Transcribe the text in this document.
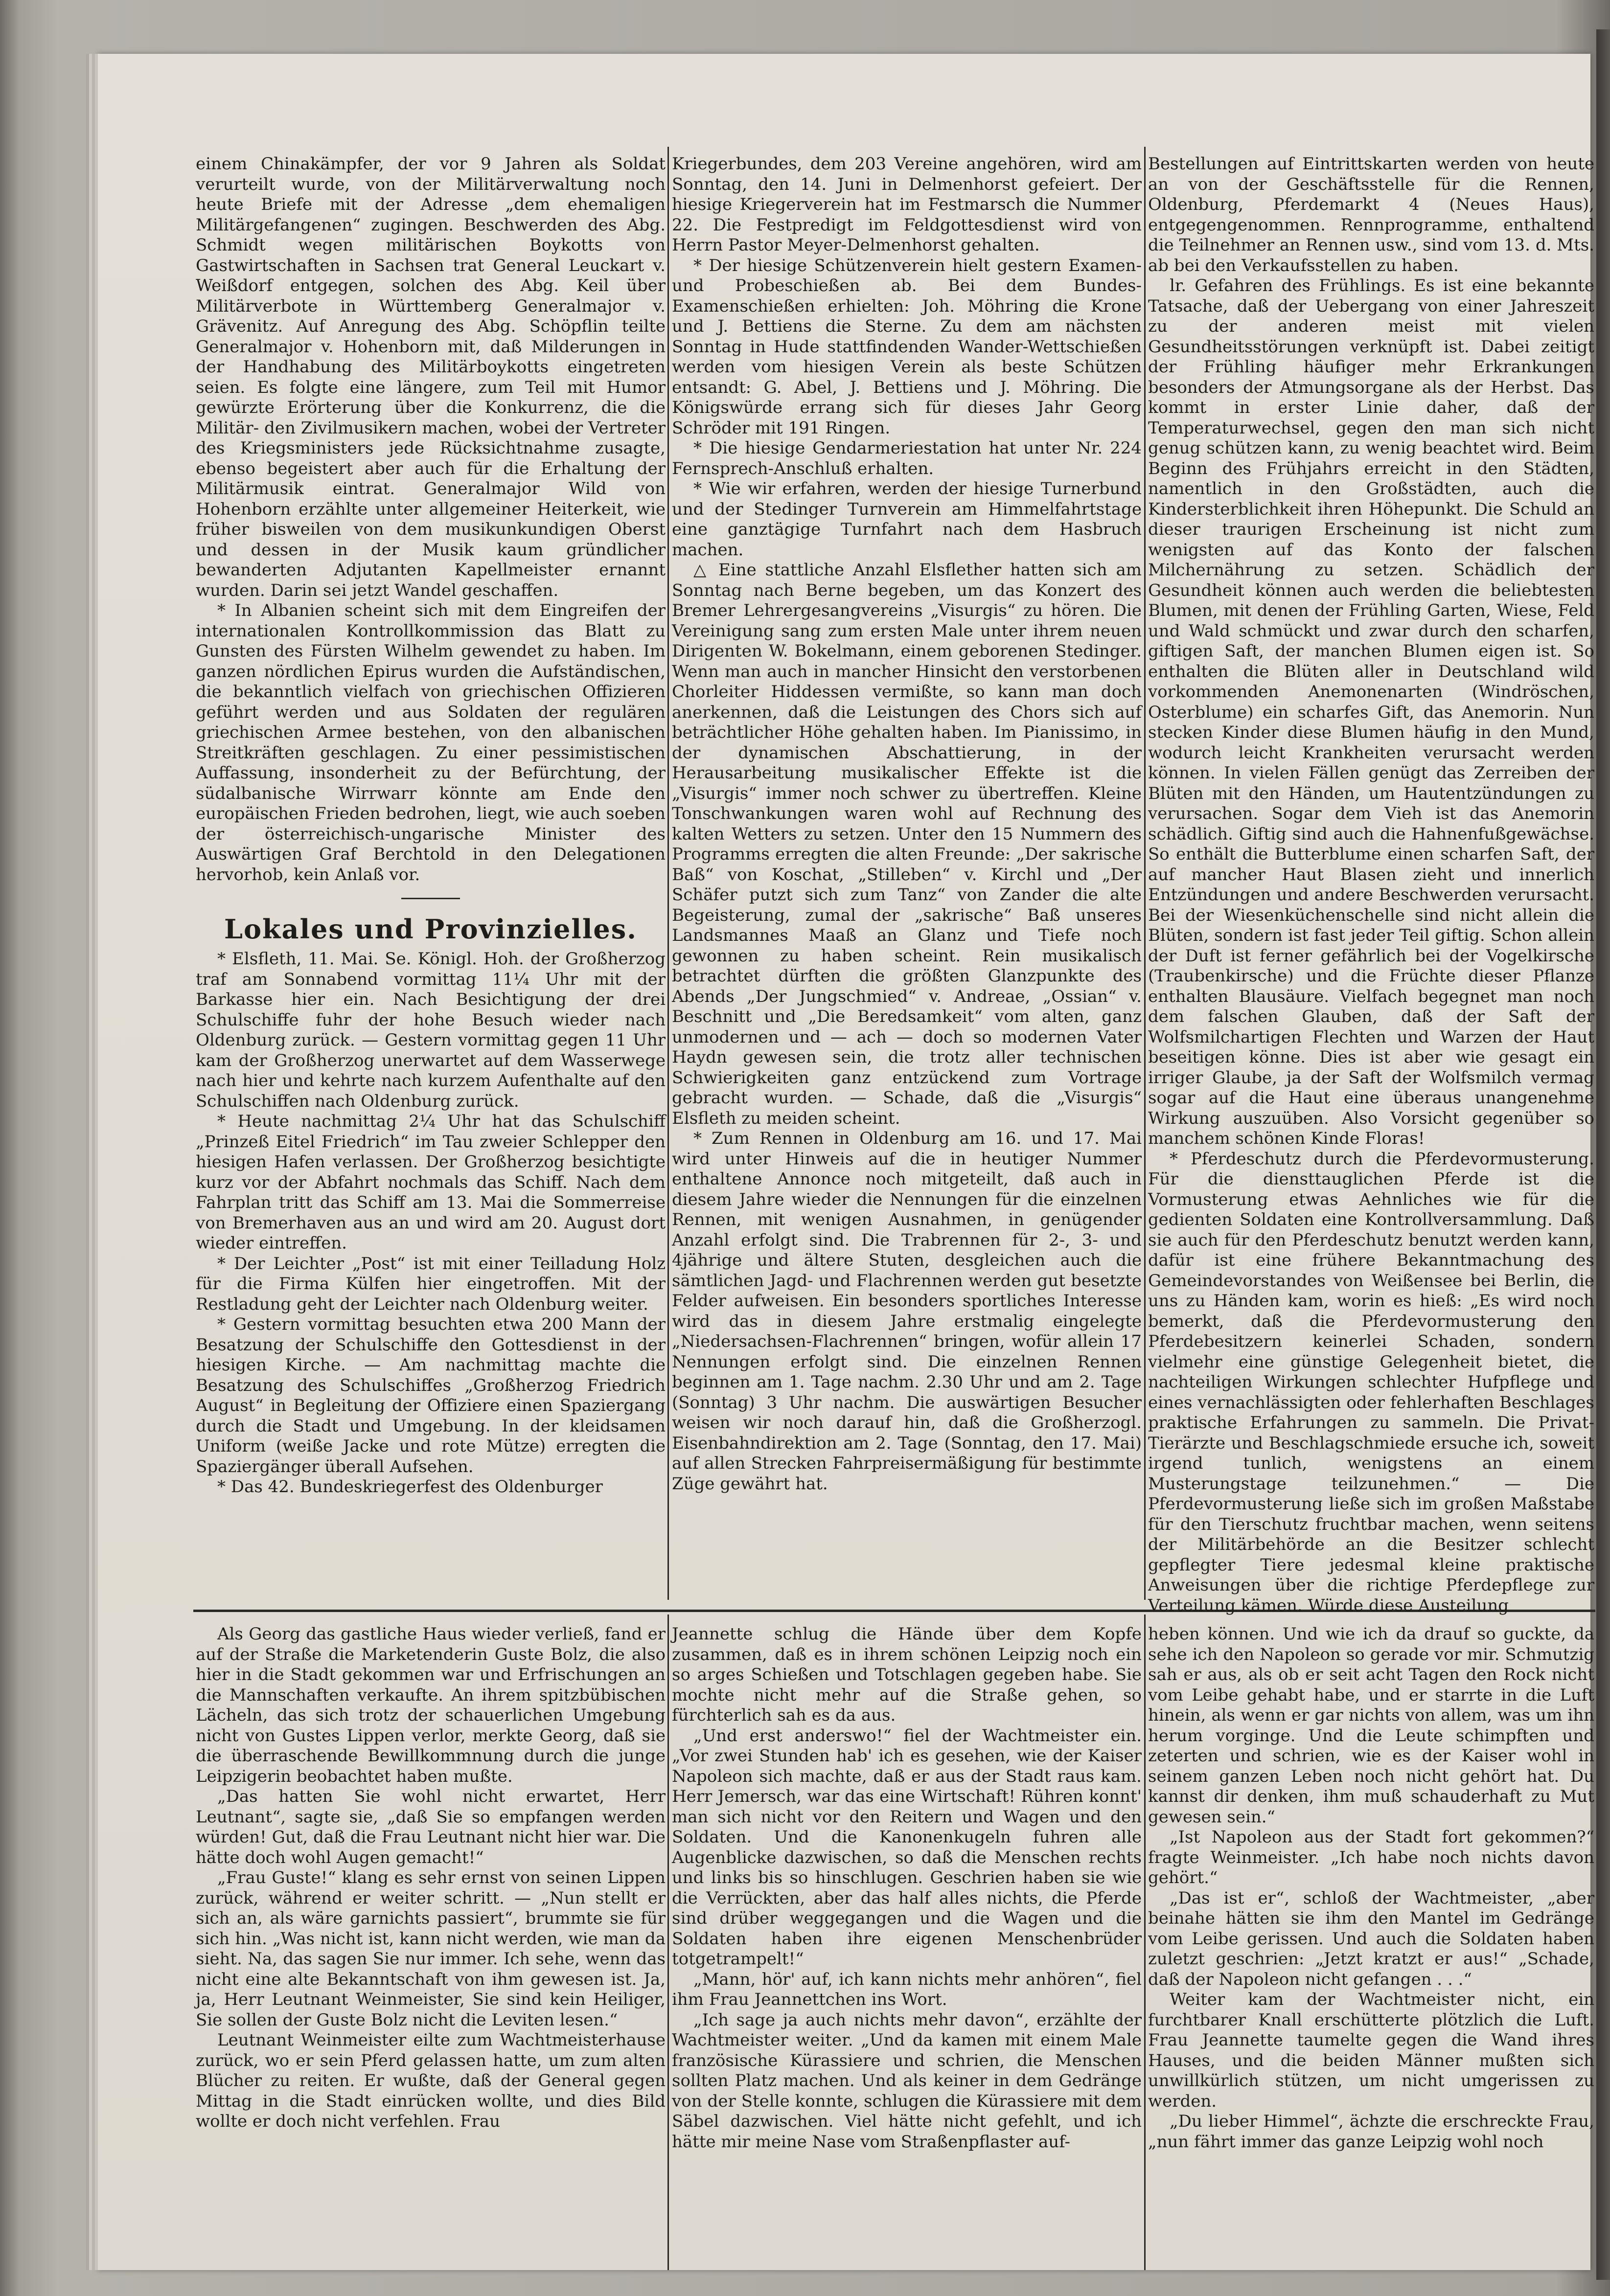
einem Chinakämpfer, der vor 9 Jahren als Soldat verurteilt wurde, von der Militärverwaltung noch heute Briefe mit der Adresse „dem ehemaligen Militärgefangenen“ zugingen. Beschwerden des Abg. Schmidt wegen militärischen Boykotts von Gastwirtschaften in Sachsen trat General Leuckart v. Weißdorf entgegen, solchen des Abg. Keil über Militärverbote in Württemberg Generalmajor v. Grävenitz. Auf Anregung des Abg. Schöpflin teilte Generalmajor v. Hohenborn mit, daß Milderungen in der Handhabung des Militärboykotts eingetreten seien. Es folgte eine längere, zum Teil mit Humor gewürzte Erörterung über die Konkurrenz, die die Militär- den Zivilmusikern machen, wobei der Vertreter des Kriegsministers jede Rücksichtnahme zusagte, ebenso begeistert aber auch für die Erhaltung der Militärmusik eintrat. Generalmajor Wild von Hohenborn erzählte unter allgemeiner Heiterkeit, wie früher bisweilen von dem musikunkundigen Oberst und dessen in der Musik kaum gründlicher bewanderten Adjutanten Kapellmeister ernannt wurden. Darin sei jetzt Wandel geschaffen.

* In Albanien scheint sich mit dem Eingreifen der internationalen Kontrollkommission das Blatt zu Gunsten des Fürsten Wilhelm gewendet zu haben. Im ganzen nördlichen Epirus wurden die Aufständischen, die bekanntlich vielfach von griechischen Offizieren geführt werden und aus Soldaten der regulären griechischen Armee bestehen, von den albanischen Streitkräften geschlagen. Zu einer pessimistischen Auffassung, insonderheit zu der Befürchtung, der südalbanische Wirrwarr könnte am Ende den europäischen Frieden bedrohen, liegt, wie auch soeben der österreichisch-ungarische Minister des Auswärtigen Graf Berchtold in den Delegationen hervorhob, kein Anlaß vor.

Lokales und Provinzielles.

* Elsfleth, 11. Mai. Se. Königl. Hoh. der Großherzog traf am Sonnabend vormittag 11¼ Uhr mit der Barkasse hier ein. Nach Besichtigung der drei Schulschiffe fuhr der hohe Besuch wieder nach Oldenburg zurück. — Gestern vormittag gegen 11 Uhr kam der Großherzog unerwartet auf dem Wasserwege nach hier und kehrte nach kurzem Aufenthalte auf den Schulschiffen nach Oldenburg zurück.

* Heute nachmittag 2¼ Uhr hat das Schulschiff „Prinzeß Eitel Friedrich“ im Tau zweier Schlepper den hiesigen Hafen verlassen. Der Großherzog besichtigte kurz vor der Abfahrt nochmals das Schiff. Nach dem Fahrplan tritt das Schiff am 13. Mai die Sommerreise von Bremerhaven aus an und wird am 20. August dort wieder eintreffen.

* Der Leichter „Post“ ist mit einer Teilladung Holz für die Firma Külfen hier eingetroffen. Mit der Restladung geht der Leichter nach Oldenburg weiter.

* Gestern vormittag besuchten etwa 200 Mann der Besatzung der Schulschiffe den Gottesdienst in der hiesigen Kirche. — Am nachmittag machte die Besatzung des Schulschiffes „Großherzog Friedrich August“ in Begleitung der Offiziere einen Spaziergang durch die Stadt und Umgebung. In der kleidsamen Uniform (weiße Jacke und rote Mütze) erregten die Spaziergänger überall Aufsehen.

* Das 42. Bundeskriegerfest des Oldenburger

Kriegerbundes, dem 203 Vereine angehören, wird am Sonntag, den 14. Juni in Delmenhorst gefeiert. Der hiesige Kriegerverein hat im Festmarsch die Nummer 22. Die Festpredigt im Feldgottesdienst wird von Herrn Pastor Meyer-Delmenhorst gehalten.

* Der hiesige Schützenverein hielt gestern Examen- und Probeschießen ab. Bei dem Bundes-Examenschießen erhielten: Joh. Möhring die Krone und J. Bettiens die Sterne. Zu dem am nächsten Sonntag in Hude stattfindenden Wander-Wettschießen werden vom hiesigen Verein als beste Schützen entsandt: G. Abel, J. Bettiens und J. Möhring. Die Königswürde errang sich für dieses Jahr Georg Schröder mit 191 Ringen.

* Die hiesige Gendarmeriestation hat unter Nr. 224 Fernsprech-Anschluß erhalten.

* Wie wir erfahren, werden der hiesige Turnerbund und der Stedinger Turnverein am Himmelfahrtstage eine ganztägige Turnfahrt nach dem Hasbruch machen.

△ Eine stattliche Anzahl Elsflether hatten sich am Sonntag nach Berne begeben, um das Konzert des Bremer Lehrergesangvereins „Visurgis“ zu hören. Die Vereinigung sang zum ersten Male unter ihrem neuen Dirigenten W. Bokelmann, einem geborenen Stedinger. Wenn man auch in mancher Hinsicht den verstorbenen Chorleiter Hiddessen vermißte, so kann man doch anerkennen, daß die Leistungen des Chors sich auf beträchtlicher Höhe gehalten haben. Im Pianissimo, in der dynamischen Abschattierung, in der Herausarbeitung musikalischer Effekte ist die „Visurgis“ immer noch schwer zu übertreffen. Kleine Tonschwankungen waren wohl auf Rechnung des kalten Wetters zu setzen. Unter den 15 Nummern des Programms erregten die alten Freunde: „Der sakrische Baß“ von Koschat, „Stilleben“ v. Kirchl und „Der Schäfer putzt sich zum Tanz“ von Zander die alte Begeisterung, zumal der „sakrische“ Baß unseres Landsmannes Maaß an Glanz und Tiefe noch gewonnen zu haben scheint. Rein musikalisch betrachtet dürften die größten Glanzpunkte des Abends „Der Jungschmied“ v. Andreae, „Ossian“ v. Beschnitt und „Die Beredsamkeit“ vom alten, ganz unmodernen und — ach — doch so modernen Vater Haydn gewesen sein, die trotz aller technischen Schwierigkeiten ganz entzückend zum Vortrage gebracht wurden. — Schade, daß die „Visurgis“ Elsfleth zu meiden scheint.

* Zum Rennen in Oldenburg am 16. und 17. Mai wird unter Hinweis auf die in heutiger Nummer enthaltene Annonce noch mitgeteilt, daß auch in diesem Jahre wieder die Nennungen für die einzelnen Rennen, mit wenigen Ausnahmen, in genügender Anzahl erfolgt sind. Die Trabrennen für 2-, 3- und 4jährige und ältere Stuten, desgleichen auch die sämtlichen Jagd- und Flachrennen werden gut besetzte Felder aufweisen. Ein besonders sportliches Interesse wird das in diesem Jahre erstmalig eingelegte „Niedersachsen-Flachrennen“ bringen, wofür allein 17 Nennungen erfolgt sind. Die einzelnen Rennen beginnen am 1. Tage nachm. 2.30 Uhr und am 2. Tage (Sonntag) 3 Uhr nachm. Die auswärtigen Besucher weisen wir noch darauf hin, daß die Großherzogl. Eisenbahndirektion am 2. Tage (Sonntag, den 17. Mai) auf allen Strecken Fahrpreisermäßigung für bestimmte Züge gewährt hat.

Bestellungen auf Eintrittskarten werden von heute an von der Geschäftsstelle für die Rennen, Oldenburg, Pferdemarkt 4 (Neues Haus), entgegengenommen. Rennprogramme, enthaltend die Teilnehmer an Rennen usw., sind vom 13. d. Mts. ab bei den Verkaufsstellen zu haben.

lr. Gefahren des Frühlings. Es ist eine bekannte Tatsache, daß der Uebergang von einer Jahreszeit zu der anderen meist mit vielen Gesundheitsstörungen verknüpft ist. Dabei zeitigt der Frühling häufiger mehr Erkrankungen besonders der Atmungsorgane als der Herbst. Das kommt in erster Linie daher, daß der Temperaturwechsel, gegen den man sich nicht genug schützen kann, zu wenig beachtet wird. Beim Beginn des Frühjahrs erreicht in den Städten, namentlich in den Großstädten, auch die Kindersterblichkeit ihren Höhepunkt. Die Schuld an dieser traurigen Erscheinung ist nicht zum wenigsten auf das Konto der falschen Milchernährung zu setzen. Schädlich der Gesundheit können auch werden die beliebtesten Blumen, mit denen der Frühling Garten, Wiese, Feld und Wald schmückt und zwar durch den scharfen, giftigen Saft, der manchen Blumen eigen ist. So enthalten die Blüten aller in Deutschland wild vorkommenden Anemonenarten (Windröschen, Osterblume) ein scharfes Gift, das Anemorin. Nun stecken Kinder diese Blumen häufig in den Mund, wodurch leicht Krankheiten verursacht werden können. In vielen Fällen genügt das Zerreiben der Blüten mit den Händen, um Hautentzündungen zu verursachen. Sogar dem Vieh ist das Anemorin schädlich. Giftig sind auch die Hahnenfußgewächse. So enthält die Butterblume einen scharfen Saft, der auf mancher Haut Blasen zieht und innerlich Entzündungen und andere Beschwerden verursacht. Bei der Wiesenküchenschelle sind nicht allein die Blüten, sondern ist fast jeder Teil giftig. Schon allein der Duft ist ferner gefährlich bei der Vogelkirsche (Traubenkirsche) und die Früchte dieser Pflanze enthalten Blausäure. Vielfach begegnet man noch dem falschen Glauben, daß der Saft der Wolfsmilchartigen Flechten und Warzen der Haut beseitigen könne. Dies ist aber wie gesagt ein irriger Glaube, ja der Saft der Wolfsmilch vermag sogar auf die Haut eine überaus unangenehme Wirkung auszuüben. Also Vorsicht gegenüber so manchem schönen Kinde Floras!

* Pferdeschutz durch die Pferdevormusterung. Für die diensttauglichen Pferde ist die Vormusterung etwas Aehnliches wie für die gedienten Soldaten eine Kontrollversammlung. Daß sie auch für den Pferdeschutz benutzt werden kann, dafür ist eine frühere Bekanntmachung des Gemeindevorstandes von Weißensee bei Berlin, die uns zu Händen kam, worin es hieß: „Es wird noch bemerkt, daß die Pferdevormusterung den Pferdebesitzern keinerlei Schaden, sondern vielmehr eine günstige Gelegenheit bietet, die nachteiligen Wirkungen schlechter Hufpflege und eines vernachlässigten oder fehlerhaften Beschlages praktische Erfahrungen zu sammeln. Die Privat-Tierärzte und Beschlagschmiede ersuche ich, soweit irgend tunlich, wenigstens an einem Musterungstage teilzunehmen.“ — Die Pferdevormusterung ließe sich im großen Maßstabe für den Tierschutz fruchtbar machen, wenn seitens der Militärbehörde an die Besitzer schlecht gepflegter Tiere jedesmal kleine praktische Anweisungen über die richtige Pferdepflege zur Verteilung kämen. Würde diese Austeilung

Als Georg das gastliche Haus wieder verließ, fand er auf der Straße die Marketenderin Guste Bolz, die also hier in die Stadt gekommen war und Erfrischungen an die Mannschaften verkaufte. An ihrem spitzbübischen Lächeln, das sich trotz der schauerlichen Umgebung nicht von Gustes Lippen verlor, merkte Georg, daß sie die überraschende Bewillkommnung durch die junge Leipzigerin beobachtet haben mußte.

„Das hatten Sie wohl nicht erwartet, Herr Leutnant“, sagte sie, „daß Sie so empfangen werden würden! Gut, daß die Frau Leutnant nicht hier war. Die hätte doch wohl Augen gemacht!“

„Frau Guste!“ klang es sehr ernst von seinen Lippen zurück, während er weiter schritt. — „Nun stellt er sich an, als wäre garnichts passiert“, brummte sie für sich hin. „Was nicht ist, kann nicht werden, wie man da sieht. Na, das sagen Sie nur immer. Ich sehe, wenn das nicht eine alte Bekanntschaft von ihm gewesen ist. Ja, ja, Herr Leutnant Weinmeister, Sie sind kein Heiliger, Sie sollen der Guste Bolz nicht die Leviten lesen.“

Leutnant Weinmeister eilte zum Wachtmeisterhause zurück, wo er sein Pferd gelassen hatte, um zum alten Blücher zu reiten. Er wußte, daß der General gegen Mittag in die Stadt einrücken wollte, und dies Bild wollte er doch nicht verfehlen. Frau

Jeannette schlug die Hände über dem Kopfe zusammen, daß es in ihrem schönen Leipzig noch ein so arges Schießen und Totschlagen gegeben habe. Sie mochte nicht mehr auf die Straße gehen, so fürchterlich sah es da aus.

„Und erst anderswo!“ fiel der Wachtmeister ein. „Vor zwei Stunden hab' ich es gesehen, wie der Kaiser Napoleon sich machte, daß er aus der Stadt raus kam. Herr Jemersch, war das eine Wirtschaft! Rühren konnt' man sich nicht vor den Reitern und Wagen und den Soldaten. Und die Kanonenkugeln fuhren alle Augenblicke dazwischen, so daß die Menschen rechts und links bis so hinschlugen. Geschrien haben sie wie die Verrückten, aber das half alles nichts, die Pferde sind drüber weggegangen und die Wagen und die Soldaten haben ihre eigenen Menschenbrüder totgetrampelt!“

„Mann, hör' auf, ich kann nichts mehr anhören“, fiel ihm Frau Jeannettchen ins Wort.

„Ich sage ja auch nichts mehr davon“, erzählte der Wachtmeister weiter. „Und da kamen mit einem Male französische Kürassiere und schrien, die Menschen sollten Platz machen. Und als keiner in dem Gedränge von der Stelle konnte, schlugen die Kürassiere mit dem Säbel dazwischen. Viel hätte nicht gefehlt, und ich hätte mir meine Nase vom Straßenpflaster auf-

heben können. Und wie ich da drauf so guckte, da sehe ich den Napoleon so gerade vor mir. Schmutzig sah er aus, als ob er seit acht Tagen den Rock nicht vom Leibe gehabt habe, und er starrte in die Luft hinein, als wenn er gar nichts von allem, was um ihn herum vorginge. Und die Leute schimpften und zeterten und schrien, wie es der Kaiser wohl in seinem ganzen Leben noch nicht gehört hat. Du kannst dir denken, ihm muß schauderhaft zu Mut gewesen sein.“

„Ist Napoleon aus der Stadt fort gekommen?“ fragte Weinmeister. „Ich habe noch nichts davon gehört.“

„Das ist er“, schloß der Wachtmeister, „aber beinahe hätten sie ihm den Mantel im Gedränge vom Leibe gerissen. Und auch die Soldaten haben zuletzt geschrien: „Jetzt kratzt er aus!“ „Schade, daß der Napoleon nicht gefangen . . .“

Weiter kam der Wachtmeister nicht, ein furchtbarer Knall erschütterte plötzlich die Luft. Frau Jeannette taumelte gegen die Wand ihres Hauses, und die beiden Männer mußten sich unwillkürlich stützen, um nicht umgerissen zu werden.

„Du lieber Himmel“, ächzte die erschreckte Frau, „nun fährt immer das ganze Leipzig wohl noch
